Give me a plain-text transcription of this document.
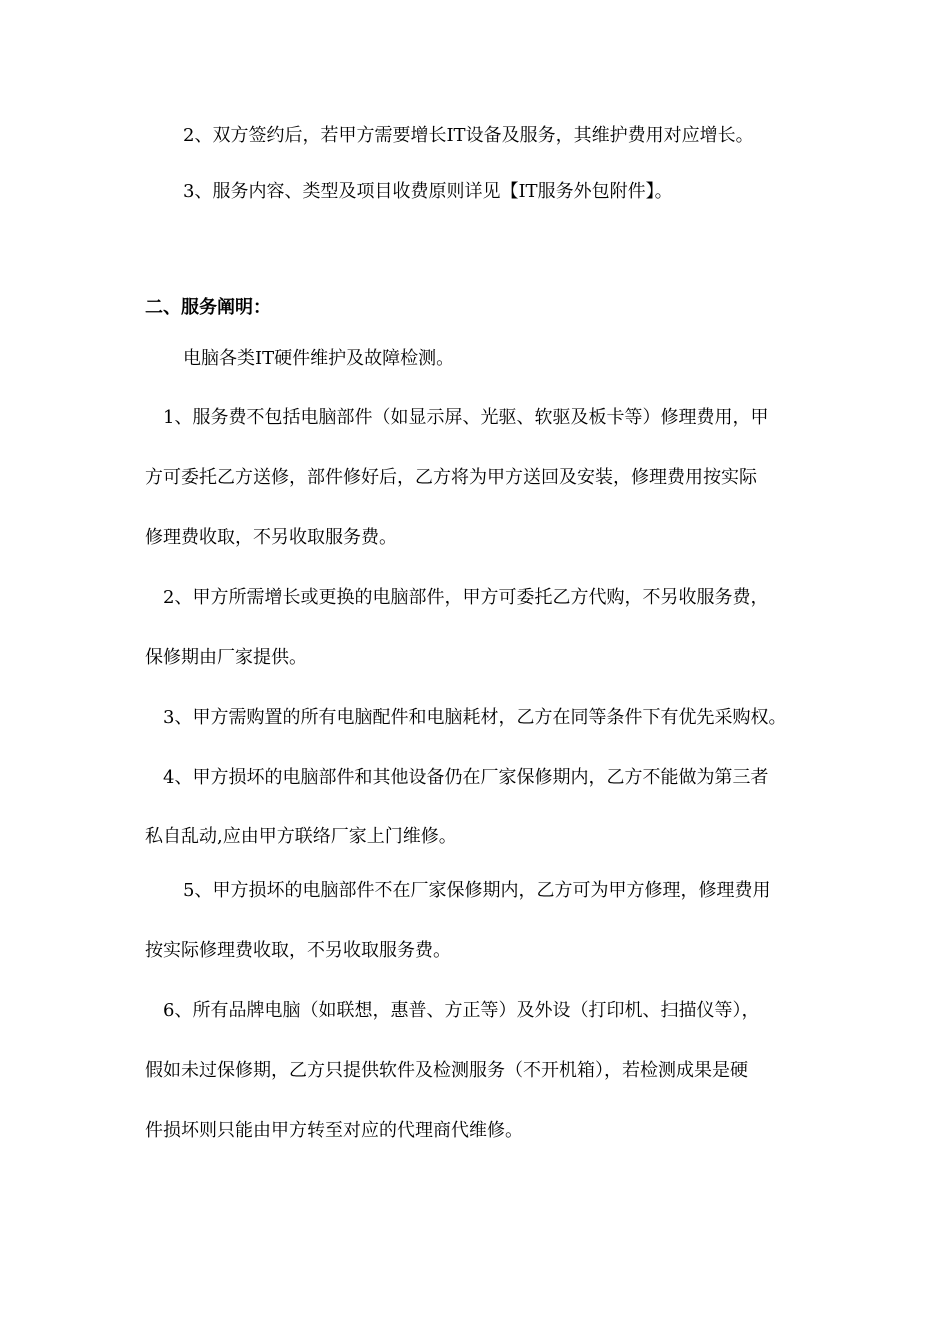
2、双方签约后，若甲方需要增长IT设备及服务，其维护费用对应增长。
3、服务内容、类型及项目收费原则详见【IT服务外包附件】。
二、服务阐明：
电脑各类IT硬件维护及故障检测。
1、服务费不包括电脑部件（如显示屏、光驱、软驱及板卡等）修理费用，甲
方可委托乙方送修，部件修好后，乙方将为甲方送回及安装，修理费用按实际
修理费收取，不另收取服务费。
2、甲方所需增长或更换的电脑部件，甲方可委托乙方代购，不另收服务费，
保修期由厂家提供。
3、甲方需购置的所有电脑配件和电脑耗材，乙方在同等条件下有优先采购权。
4、甲方损坏的电脑部件和其他设备仍在厂家保修期内，乙方不能做为第三者
私自乱动,应由甲方联络厂家上门维修。
5、甲方损坏的电脑部件不在厂家保修期内，乙方可为甲方修理，修理费用
按实际修理费收取，不另收取服务费。
6、所有品牌电脑（如联想，惠普、方正等）及外设（打印机、扫描仪等），
假如未过保修期，乙方只提供软件及检测服务（不开机箱），若检测成果是硬
件损坏则只能由甲方转至对应的代理商代维修。
